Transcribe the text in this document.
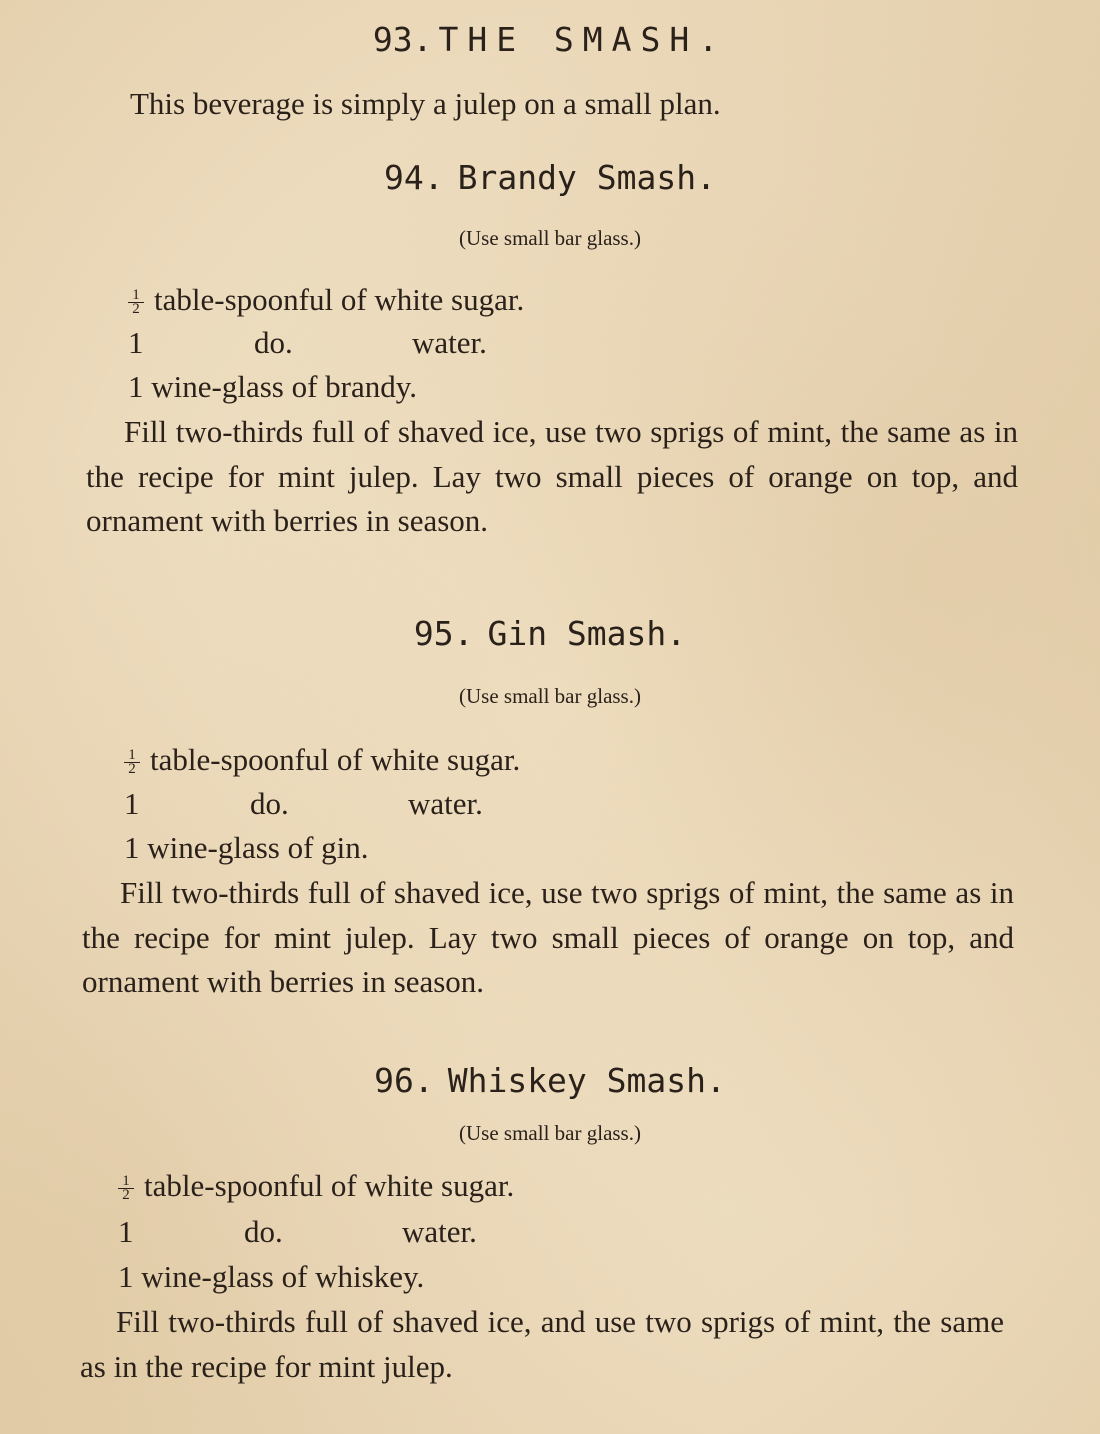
93. THE SMASH.

This beverage is simply a julep on a small plan.

94. Brandy Smash.

(Use small bar glass.)

$\frac{1}{2}$ table-spoonful of white sugar.
1	do.	water.
1 wine-glass of brandy.

Fill two-thirds full of shaved ice, use two sprigs of mint, the same as in the recipe for mint julep. Lay two small pieces of orange on top, and ornament with berries in season.

95. Gin Smash.

(Use small bar glass.)

$\frac{1}{2}$ table-spoonful of white sugar.
1	do.	water.
1 wine-glass of gin.

Fill two-thirds full of shaved ice, use two sprigs of mint, the same as in the recipe for mint julep. Lay two small pieces of orange on top, and ornament with berries in season.

96. Whiskey Smash.

(Use small bar glass.)

$\frac{1}{2}$ table-spoonful of white sugar.
1	do.	water.
1 wine-glass of whiskey.

Fill two-thirds full of shaved ice, and use two sprigs of mint, the same as in the recipe for mint julep.
